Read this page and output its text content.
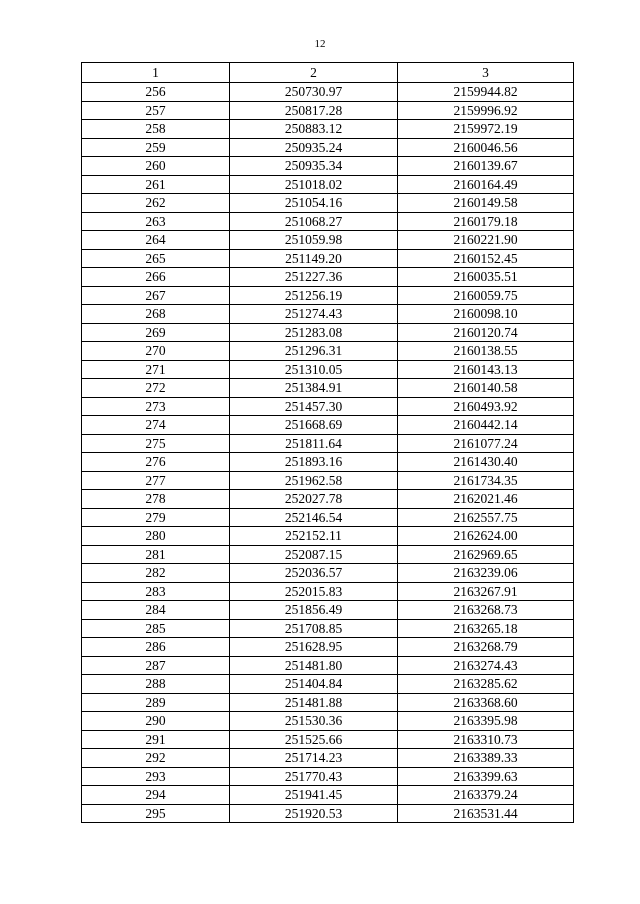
12
1	2	3
256	250730.97	2159944.82
257	250817.28	2159996.92
258	250883.12	2159972.19
259	250935.24	2160046.56
260	250935.34	2160139.67
261	251018.02	2160164.49
262	251054.16	2160149.58
263	251068.27	2160179.18
264	251059.98	2160221.90
265	251149.20	2160152.45
266	251227.36	2160035.51
267	251256.19	2160059.75
268	251274.43	2160098.10
269	251283.08	2160120.74
270	251296.31	2160138.55
271	251310.05	2160143.13
272	251384.91	2160140.58
273	251457.30	2160493.92
274	251668.69	2160442.14
275	251811.64	2161077.24
276	251893.16	2161430.40
277	251962.58	2161734.35
278	252027.78	2162021.46
279	252146.54	2162557.75
280	252152.11	2162624.00
281	252087.15	2162969.65
282	252036.57	2163239.06
283	252015.83	2163267.91
284	251856.49	2163268.73
285	251708.85	2163265.18
286	251628.95	2163268.79
287	251481.80	2163274.43
288	251404.84	2163285.62
289	251481.88	2163368.60
290	251530.36	2163395.98
291	251525.66	2163310.73
292	251714.23	2163389.33
293	251770.43	2163399.63
294	251941.45	2163379.24
295	251920.53	2163531.44
